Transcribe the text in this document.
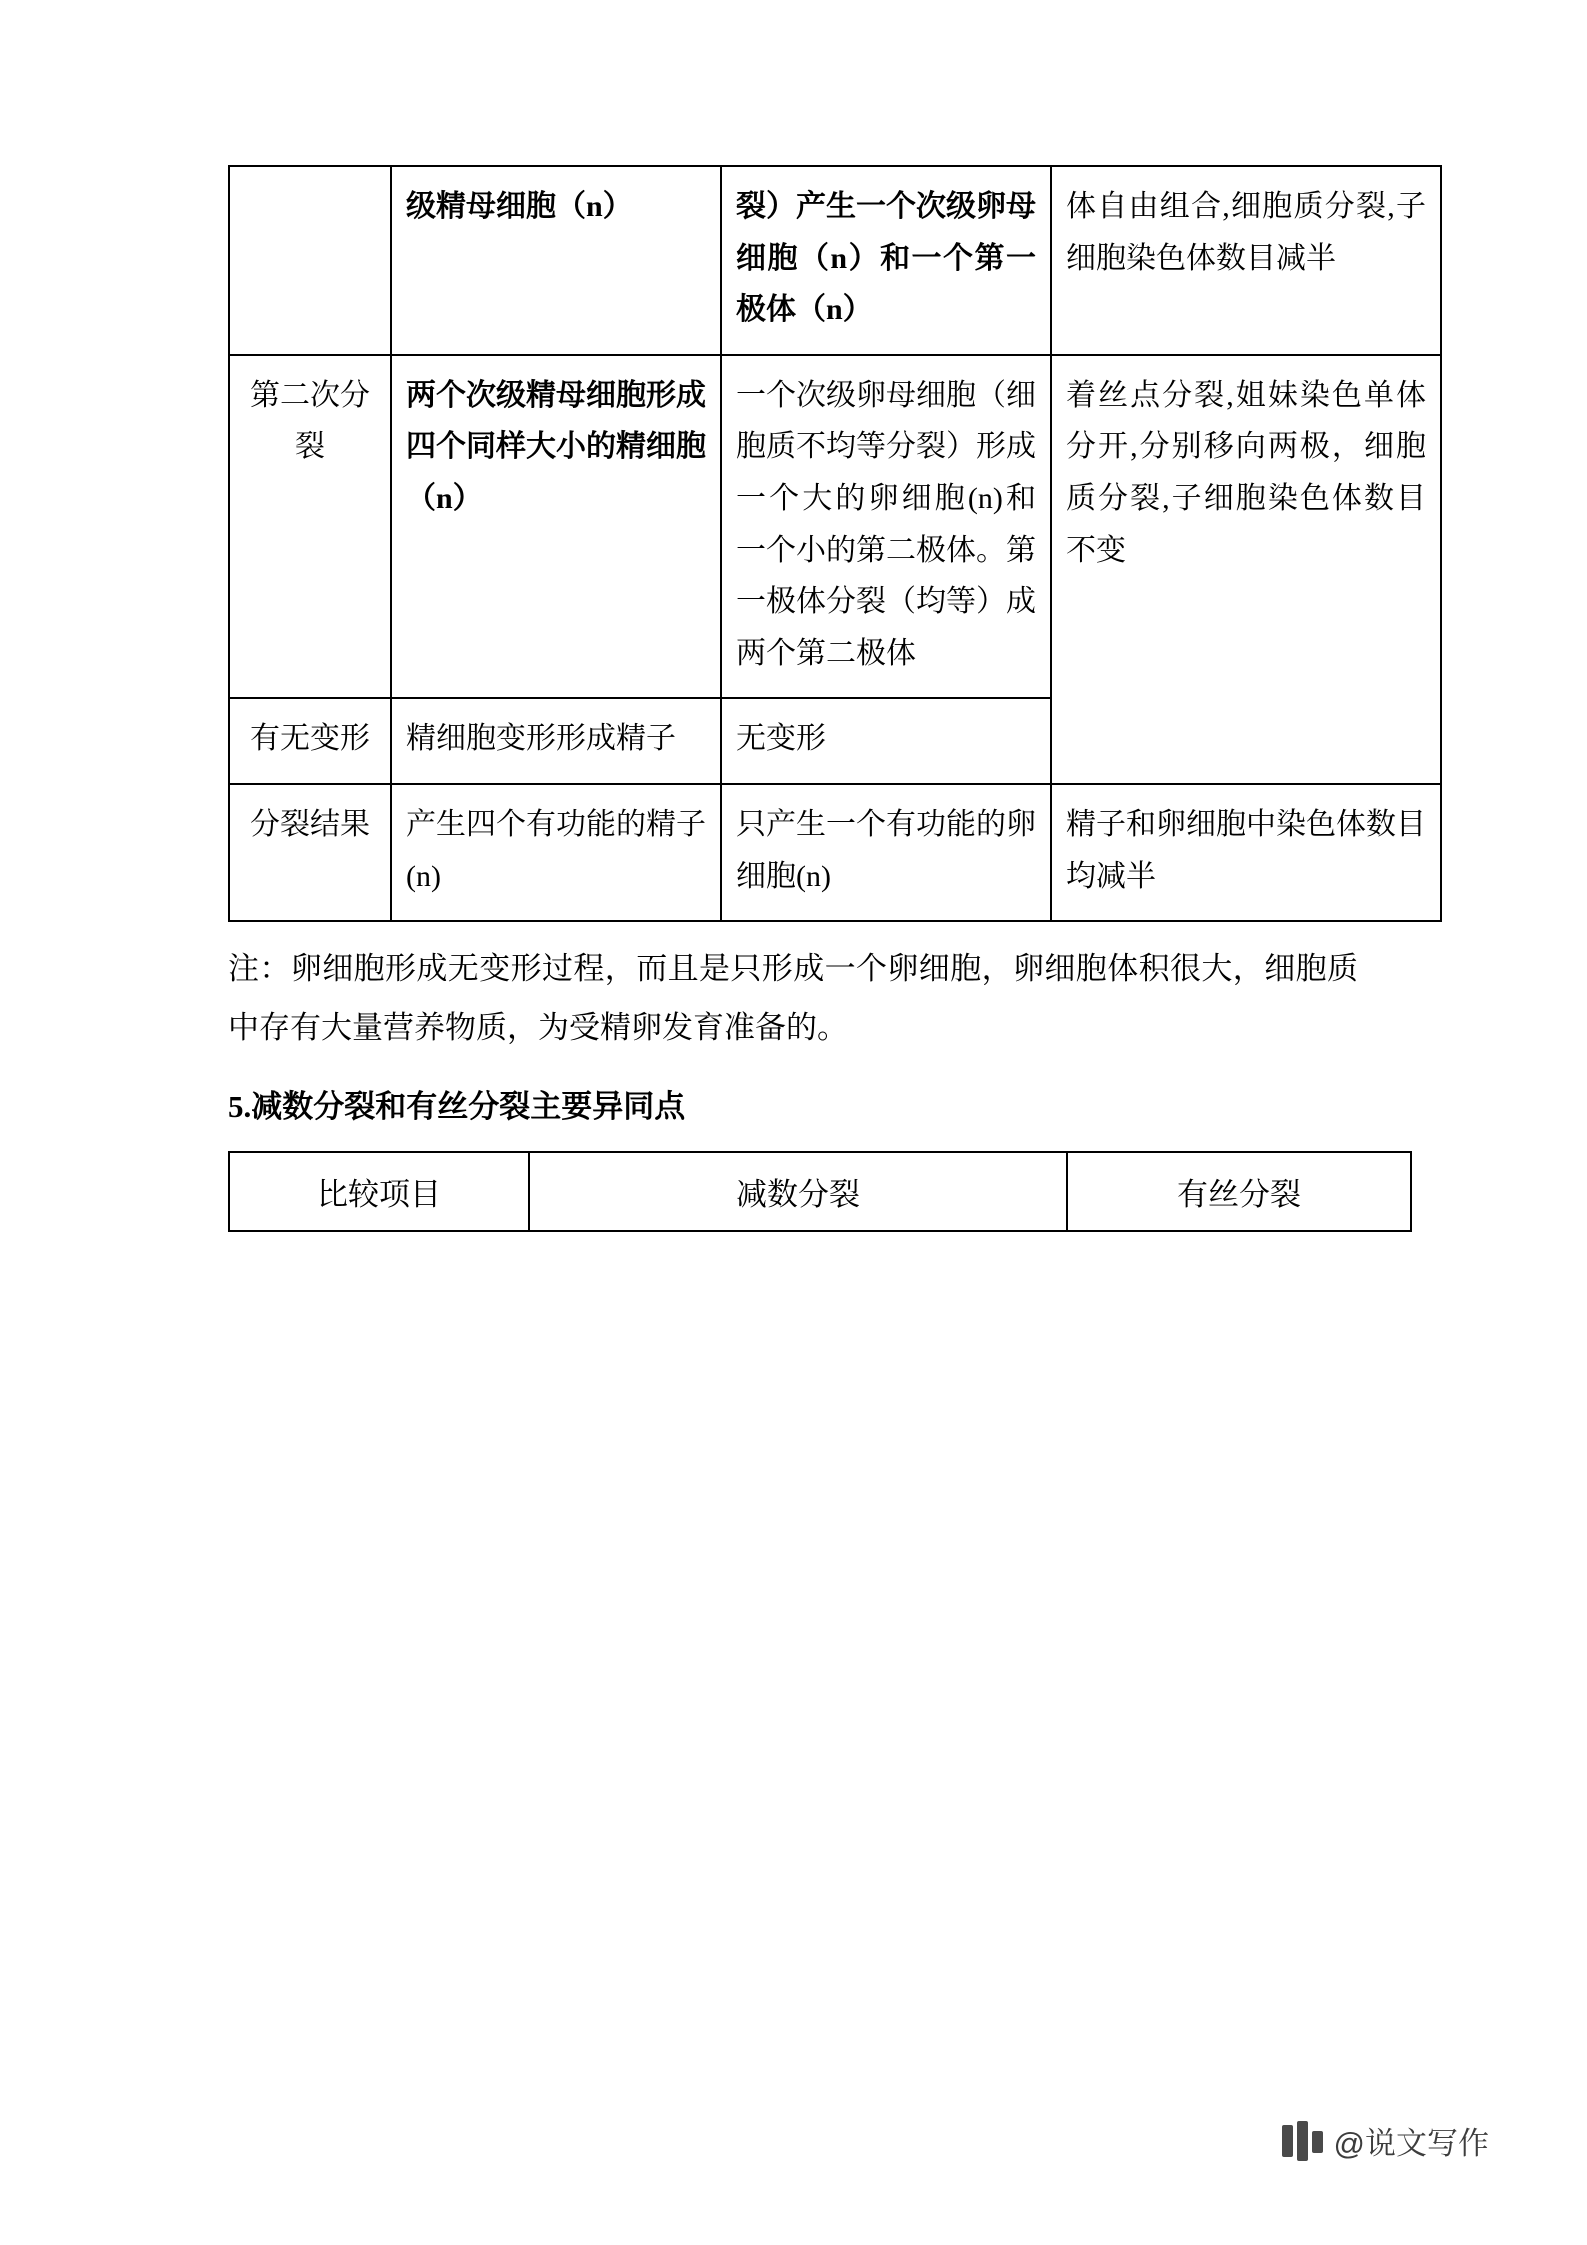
	级精母细胞（n）	裂）产生一个次级卵母细胞（n）和一个第一极体（n）	体自由组合,细胞质分裂,子细胞染色体数目减半
第二次分裂	两个次级精母细胞形成四个同样大小的精细胞（n）	一个次级卵母细胞（细胞质不均等分裂）形成一个大的卵细胞(n)和一个小的第二极体。第一极体分裂（均等）成两个第二极体	着丝点分裂,姐妹染色单体分开,分别移向两极，细胞质分裂,子细胞染色体数目不变
有无变形	精细胞变形形成精子	无变形	
分裂结果	产生四个有功能的精子(n)	只产生一个有功能的卵细胞(n)	精子和卵细胞中染色体数目均减半
注：卵细胞形成无变形过程，而且是只形成一个卵细胞，卵细胞体积很大，细胞质中存有大量营养物质，为受精卵发育准备的。
5.减数分裂和有丝分裂主要异同点
比较项目	减数分裂	有丝分裂
@说文写作
